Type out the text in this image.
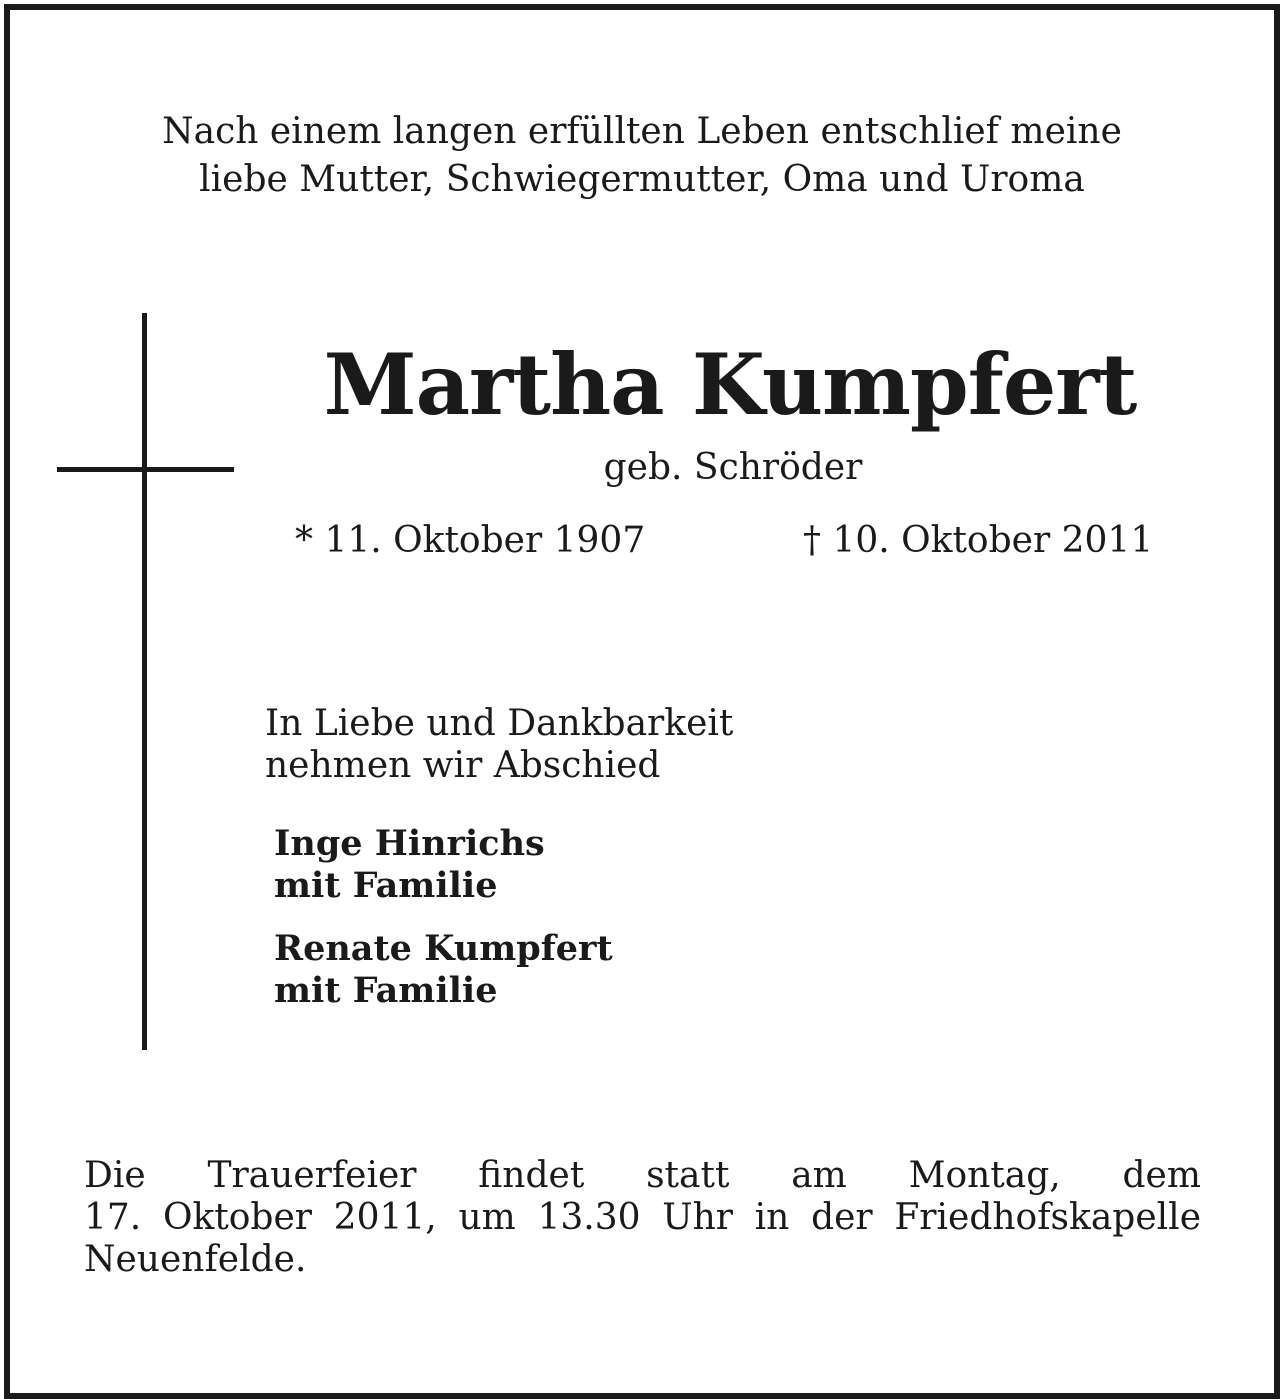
Nach einem langen erfüllten Leben entschlief meine
liebe Mutter, Schwiegermutter, Oma und Uroma

Martha Kumpfert

geb. Schröder

* 11. Oktober 1907	† 10. Oktober 2011

In Liebe und Dankbarkeit
nehmen wir Abschied

Inge Hinrichs
mit Familie

Renate Kumpfert
mit Familie

Die Trauerfeier findet statt am Montag, dem
17. Oktober 2011, um 13.30 Uhr in der Friedhofskapelle
Neuenfelde.
